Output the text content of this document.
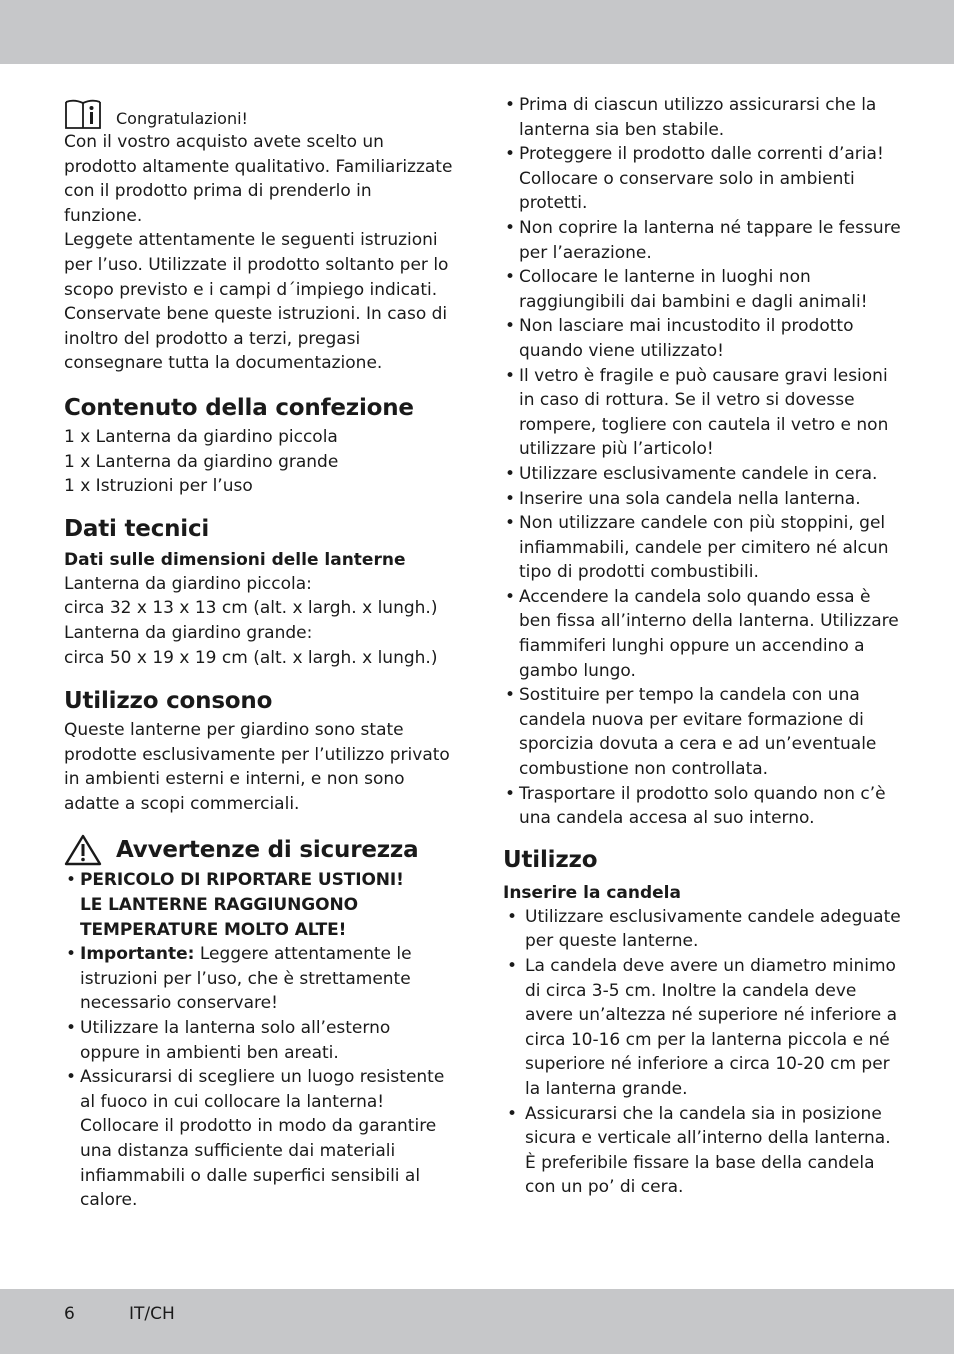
Congratulazioni!

Con il vostro acquisto avete scelto un prodotto altamente qualitativo. Familiarizzate con il prodotto prima di prenderlo in funzione.

Leggete attentamente le seguenti istruzioni per l’uso. Utilizzate il prodotto soltanto per lo scopo previsto e i campi d´impiego indicati.

Conservate bene queste istruzioni. In caso di inoltro del prodotto a terzi, pregasi consegnare tutta la documentazione.

Contenuto della confezione

1 x Lanterna da giardino piccola

1 x Lanterna da giardino grande

1 x Istruzioni per l’uso

Dati tecnici
Dati sulle dimensioni delle lanterne

Lanterna da giardino piccola:

circa 32 x 13 x 13 cm (alt. x largh. x lungh.)

Lanterna da giardino grande:

circa 50 x 19 x 19 cm (alt. x largh. x lungh.)

Utilizzo consono

Queste lanterne per giardino sono state prodotte esclusivamente per l’utilizzo privato in ambienti esterni e interni, e non sono adatte a scopi commerciali.

Avvertenze di sicurezza
• PERICOLO DI RIPORTARE USTIONI!
LE LANTERNE RAGGIUNGONO
TEMPERATURE MOLTO ALTE!
• Importante: Leggere attentamente le istruzioni per l’uso, che è strettamente necessario conservare!
• Utilizzare la lanterna solo all’esterno oppure in ambienti ben areati.
• Assicurarsi di scegliere un luogo resistente al fuoco in cui collocare la lanterna! Collocare il prodotto in modo da garantire una distanza sufficiente dai materiali infiammabili o dalle superfici sensibili al calore.
• Prima di ciascun utilizzo assicurarsi che la lanterna sia ben stabile.
• Proteggere il prodotto dalle correnti d’aria! Collocare o conservare solo in ambienti protetti.
• Non coprire la lanterna né tappare le fessure per l’aerazione.
• Collocare le lanterne in luoghi non raggiungibili dai bambini e dagli animali!
• Non lasciare mai incustodito il prodotto quando viene utilizzato!
• Il vetro è fragile e può causare gravi lesioni in caso di rottura. Se il vetro si dovesse rompere, togliere con cautela il vetro e non utilizzare più l’articolo!
• Utilizzare esclusivamente candele in cera.
• Inserire una sola candela nella lanterna.
• Non utilizzare candele con più stoppini, gel infiammabili, candele per cimitero né alcun tipo di prodotti combustibili.
• Accendere la candela solo quando essa è ben fissa all’interno della lanterna. Utilizzare fiammiferi lunghi oppure un accendino a gambo lungo.
• Sostituire per tempo la candela con una candela nuova per evitare formazione di sporcizia dovuta a cera e ad un’eventuale combustione non controllata.
• Trasportare il prodotto solo quando non c’è una candela accesa al suo interno.
Utilizzo
Inserire la candela
• Utilizzare esclusivamente candele adeguate per queste lanterne.
• La candela deve avere un diametro minimo di circa 3-5 cm. Inoltre la candela deve avere un’altezza né superiore né inferiore a circa 10-16 cm per la lanterna piccola e né superiore né inferiore a circa 10-20 cm per la lanterna grande.
• Assicurarsi che la candela sia in posizione sicura e verticale all’interno della lanterna. È preferibile fissare la base della candela con un po’ di cera.
6	IT/CH
